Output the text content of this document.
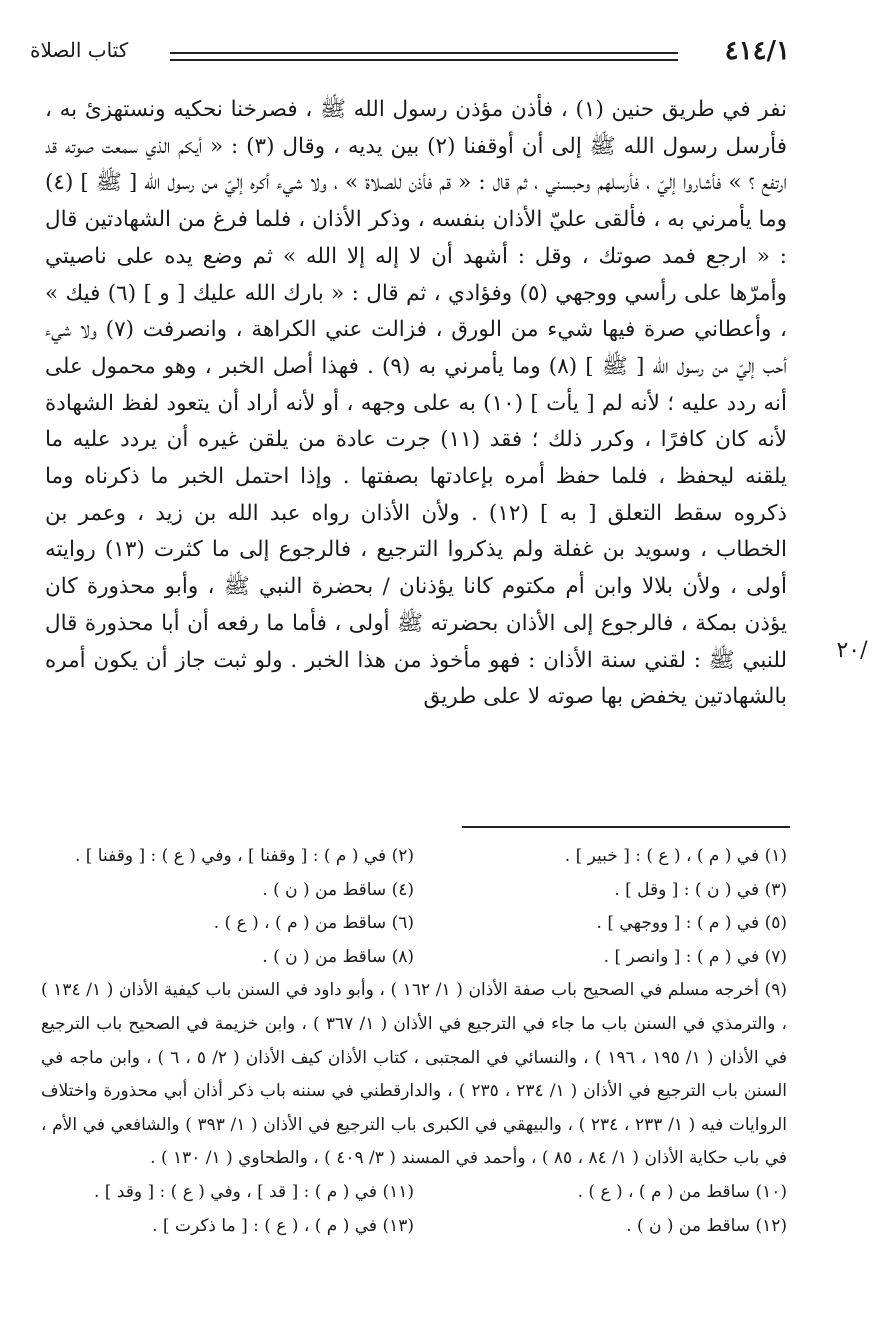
٤١٤/١
كتاب الصلاة

نفر في طريق حنين (١) ، فأذن مؤذن رسول الله ﷺ ، فصرخنا نحكيه ونستهزئ به ، فأرسل رسول الله ﷺ إلى أن أوقفنا (٢) بين يديه ، وقال (٣) : « أيكم الذي سمعت صوته قد ارتفع ؟ » فأشاروا إليّ ، فأرسلهم وحبسني ، ثم قال : « قم فأذن للصلاة » ، ولا شيء أكره إليّ من رسول الله [ ﷺ ] (٤) وما يأمرني به ، فألقى عليّ الأذان بنفسه ، وذكر الأذان ، فلما فرغ من الشهادتين قال : « ارجع فمد صوتك ، وقل : أشهد أن لا إله إلا الله » ثم وضع يده على ناصيتي وأمرّها على رأسي ووجهي (٥) وفؤادي ، ثم قال : « بارك الله عليك [ و ] (٦) فيك » ، وأعطاني صرة فيها شيء من الورق ، فزالت عني الكراهة ، وانصرفت (٧) ولا شيء أحب إليّ من رسول الله [ ﷺ ] (٨) وما يأمرني به (٩) . فهذا أصل الخبر ، وهو محمول على أنه ردد عليه ؛ لأنه لم [ يأت ] (١٠) به على وجهه ، أو لأنه أراد أن يتعود لفظ الشهادة لأنه كان كافرًا ، وكرر ذلك ؛ فقد (١١) جرت عادة من يلقن غيره أن يردد عليه ما يلقنه ليحفظ ، فلما حفظ أمره بإعادتها بصفتها . وإذا احتمل الخبر ما ذكرناه وما ذكروه سقط التعلق [ به ] (١٢) . ولأن الأذان رواه عبد الله بن زيد ، وعمر بن الخطاب ، وسويد بن غفلة ولم يذكروا الترجيع ، فالرجوع إلى ما كثرت (١٣) روايته أولى ، ولأن بلالا وابن أم مكتوم كانا يؤذنان / بحضرة النبي ﷺ ، وأبو محذورة كان يؤذن بمكة ، فالرجوع إلى الأذان بحضرته ﷺ أولى ، فأما ما رفعه أن أبا محذورة قال للنبي ﷺ : لقني سنة الأذان : فهو مأخوذ من هذا الخبر . ولو ثبت جاز أن يكون أمره بالشهادتين يخفض بها صوته لا على طريق

٢٠/
(١) في ( م ) ، ( ع ) : [ خبير ] .
(٢) في ( م ) : [ وقفنا ] ، وفي ( ع ) : [ وقفنا ] .
(٣) في ( ن ) : [ وقل ] .
(٤) ساقط من ( ن ) .
(٥) في ( م ) : [ ووجهي ] .
(٦) ساقط من ( م ) ، ( ع ) .
(٧) في ( م ) : [ وانصر ] .
(٨) ساقط من ( ن ) .
(٩) أخرجه مسلم في الصحيح باب صفة الأذان ( ١/ ١٦٢ ) ، وأبو داود في السنن باب كيفية الأذان ( ١/ ١٣٤ ) ، والترمذي في السنن باب ما جاء في الترجيع في الأذان ( ١/ ٣٦٧ ) ، وابن خزيمة في الصحيح باب الترجيع في الأذان ( ١/ ١٩٥ ، ١٩٦ ) ، والنسائي في المجتبى ، كتاب الأذان كيف الأذان ( ٢/ ٥ ، ٦ ) ، وابن ماجه في السنن باب الترجيع في الأذان ( ١/ ٢٣٤ ، ٢٣٥ ) ، والدارقطني في سننه باب ذكر أذان أبي محذورة واختلاف الروايات فيه ( ١/ ٢٣٣ ، ٢٣٤ ) ، والبيهقي في الكبرى باب الترجيع في الأذان ( ١/ ٣٩٣ ) والشافعي في الأم ، في باب حكاية الأذان ( ١/ ٨٤ ، ٨٥ ) ، وأحمد في المسند ( ٣/ ٤٠٩ ) ، والطحاوي ( ١/ ١٣٠ ) .
(١٠) ساقط من ( م ) ، ( ع ) .
(١١) في ( م ) : [ قد ] ، وفي ( ع ) : [ وقد ] .
(١٢) ساقط من ( ن ) .
(١٣) في ( م ) ، ( ع ) : [ ما ذكرت ] .
